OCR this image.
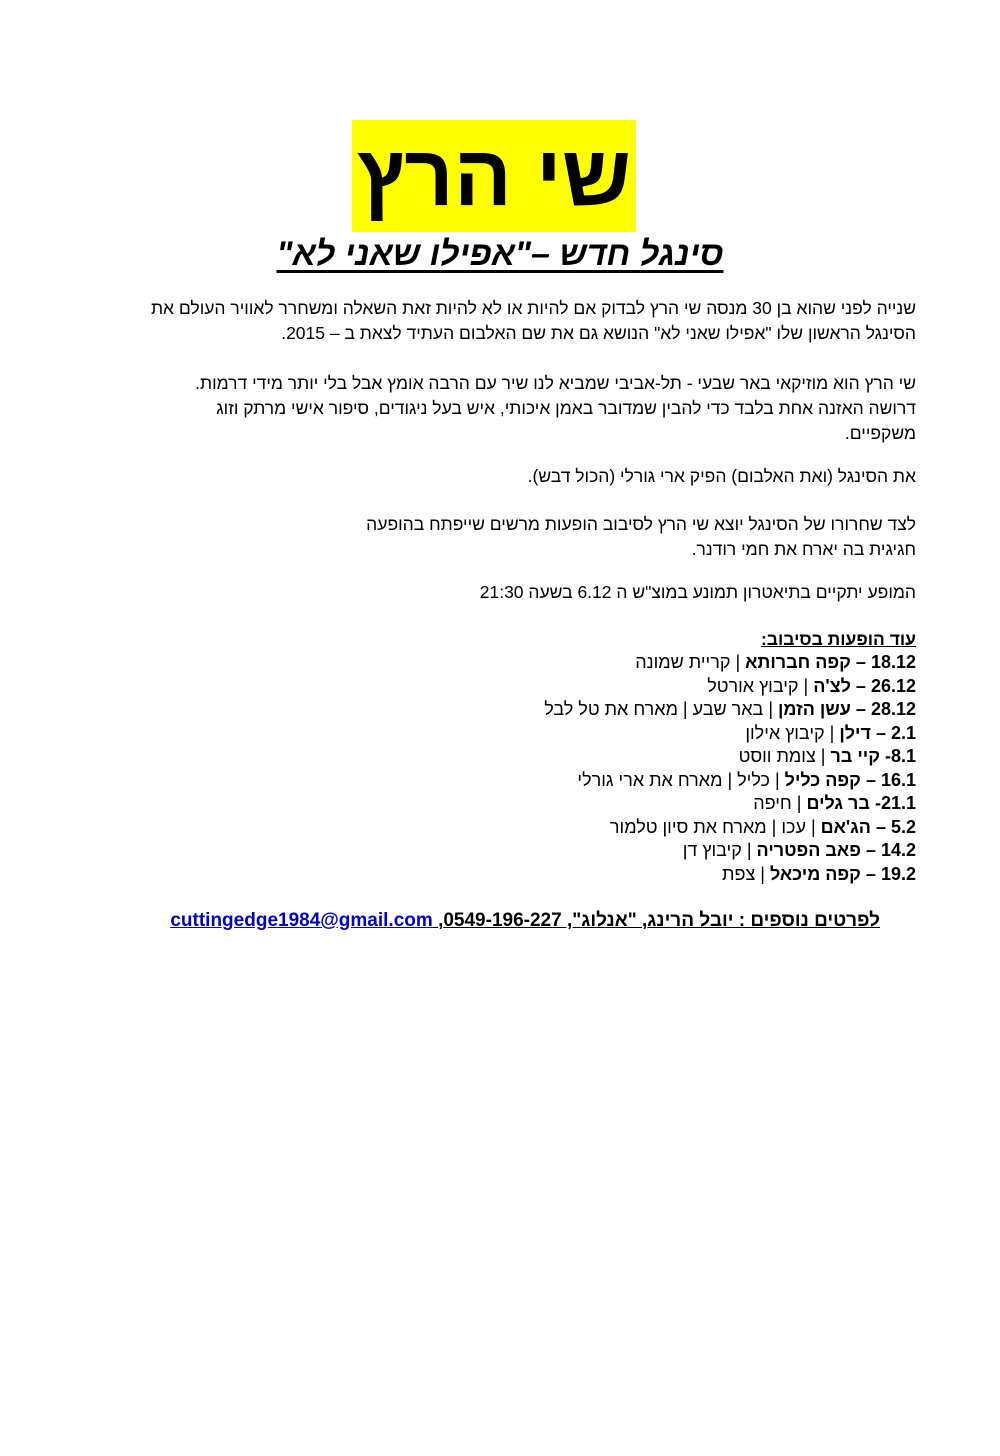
שי הרץ
סינגל חדש –"אפילו שאני לא"
שנייה לפני שהוא בן 30 מנסה שי הרץ לבדוק אם להיות או לא להיות זאת השאלה ומשחרר לאוויר העולם את
הסינגל הראשון שלו "אפילו שאני לא" הנושא גם את שם האלבום העתיד לצאת ב – 2015.
שי הרץ הוא מוזיקאי באר שבעי - תל-אביבי שמביא לנו שיר עם הרבה אומץ אבל בלי יותר מידי דרמות.
דרושה האזנה אחת בלבד כדי להבין שמדובר באמן איכותי, איש בעל ניגודים, סיפור אישי מרתק וזוג
משקפיים.
את הסינגל (ואת האלבום) הפיק ארי גורלי (הכול דבש).
לצד שחרורו של הסינגל יוצא שי הרץ לסיבוב הופעות מרשים שייפתח בהופעה
חגיגית בה יארח את חמי רודנר.
המופע יתקיים בתיאטרון תמונע במוצ"ש ה 6.12 בשעה 21:30
עוד הופעות בסיבוב:
18.12 – קפה חברותא | קריית שמונה
26.12 – לצ'ה | קיבוץ אורטל
28.12 – עשן הזמן | באר שבע | מארח את טל לבל
2.1 – דילן | קיבוץ אילון
8.1- קיי בר | צומת ווסט
16.1 – קפה כליל | כליל | מארח את ארי גורלי
21.1- בר גלים | חיפה
5.2 – הג'אם | עכו | מארח את סיון טלמור
14.2 – פאב הפטריה | קיבוץ דן
19.2 – קפה מיכאל | צפת
לפרטים נוספים : יובל הרינג, "אנלוג", 0549-196-227, cuttingedge1984@gmail.com
